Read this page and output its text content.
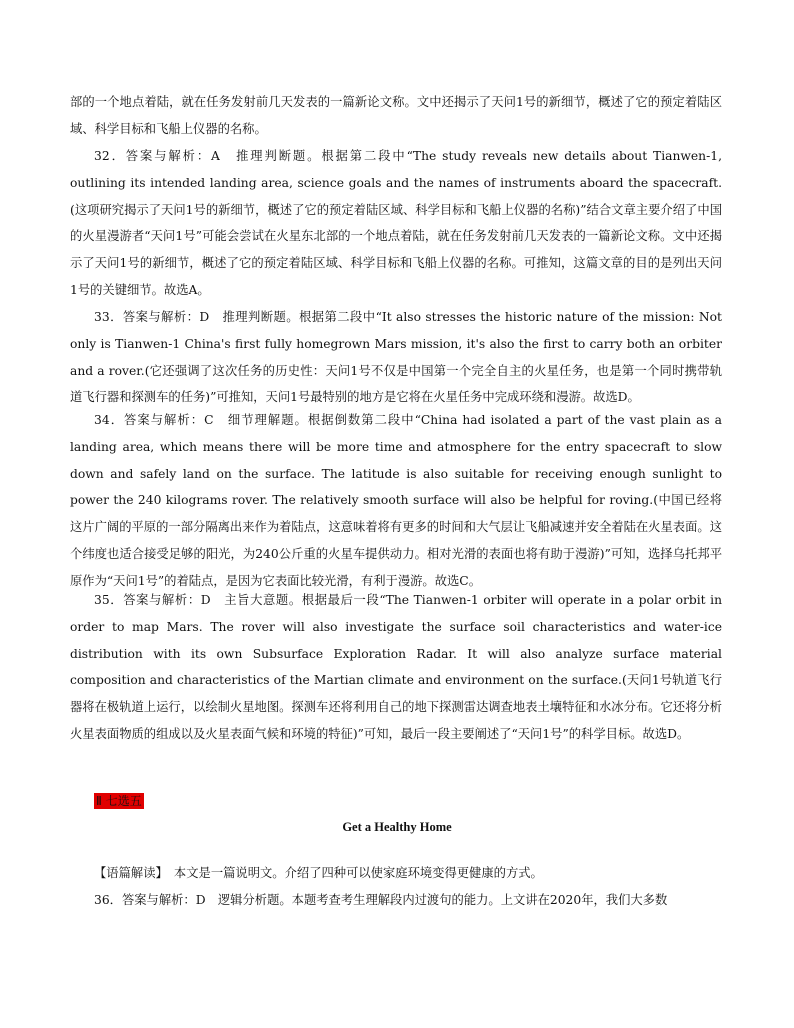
部的一个地点着陆，就在任务发射前几天发表的一篇新论文称。文中还揭示了天问1号的新细节，概述了它的预定着陆区域、科学目标和飞船上仪器的名称。

32．答案与解析：A　推理判断题。根据第二段中“The study reveals new details about Tianwen-1, outlining its intended landing area, science goals and the names of instruments aboard the spacecraft.(这项研究揭示了天问1号的新细节，概述了它的预定着陆区域、科学目标和飞船上仪器的名称)”结合文章主要介绍了中国的火星漫游者“天问1号”可能会尝试在火星东北部的一个地点着陆，就在任务发射前几天发表的一篇新论文称。文中还揭示了天问1号的新细节，概述了它的预定着陆区域、科学目标和飞船上仪器的名称。可推知，这篇文章的目的是列出天问1号的关键细节。故选A。

33．答案与解析：D　推理判断题。根据第二段中“It also stresses the historic nature of the mission: Not only is Tianwen-1 China's first fully homegrown Mars mission, it's also the first to carry both an orbiter and a rover.(它还强调了这次任务的历史性：天问1号不仅是中国第一个完全自主的火星任务，也是第一个同时携带轨道飞行器和探测车的任务)”可推知，天问1号最特别的地方是它将在火星任务中完成环绕和漫游。故选D。

34．答案与解析：C　细节理解题。根据倒数第二段中“China had isolated a part of the vast plain as a landing area, which means there will be more time and atmosphere for the entry spacecraft to slow down and safely land on the surface. The latitude is also suitable for receiving enough sunlight to power the 240 kilograms rover. The relatively smooth surface will also be helpful for roving.(中国已经将这片广阔的平原的一部分隔离出来作为着陆点，这意味着将有更多的时间和大气层让飞船减速并安全着陆在火星表面。这个纬度也适合接受足够的阳光，为240公斤重的火星车提供动力。相对光滑的表面也将有助于漫游)”可知，选择乌托邦平原作为“天问1号”的着陆点，是因为它表面比较光滑，有利于漫游。故选C。

35．答案与解析：D　主旨大意题。根据最后一段“The Tianwen-1 orbiter will operate in a polar orbit in order to map Mars. The rover will also investigate the surface soil characteristics and water-ice distribution with its own Subsurface Exploration Radar. It will also analyze surface material composition and characteristics of the Martian climate and environment on the surface.(天问1号轨道飞行器将在极轨道上运行，以绘制火星地图。探测车还将利用自己的地下探测雷达调查地表土壤特征和水冰分布。它还将分析火星表面物质的组成以及火星表面气候和环境的特征)”可知，最后一段主要阐述了“天问1号”的科学目标。故选D。

Ⅱ 七选五
Get a Healthy Home

【语篇解读】　本文是一篇说明文。介绍了四种可以使家庭环境变得更健康的方式。

36．答案与解析：D　逻辑分析题。本题考查考生理解段内过渡句的能力。上文讲在2020年，我们大多数
